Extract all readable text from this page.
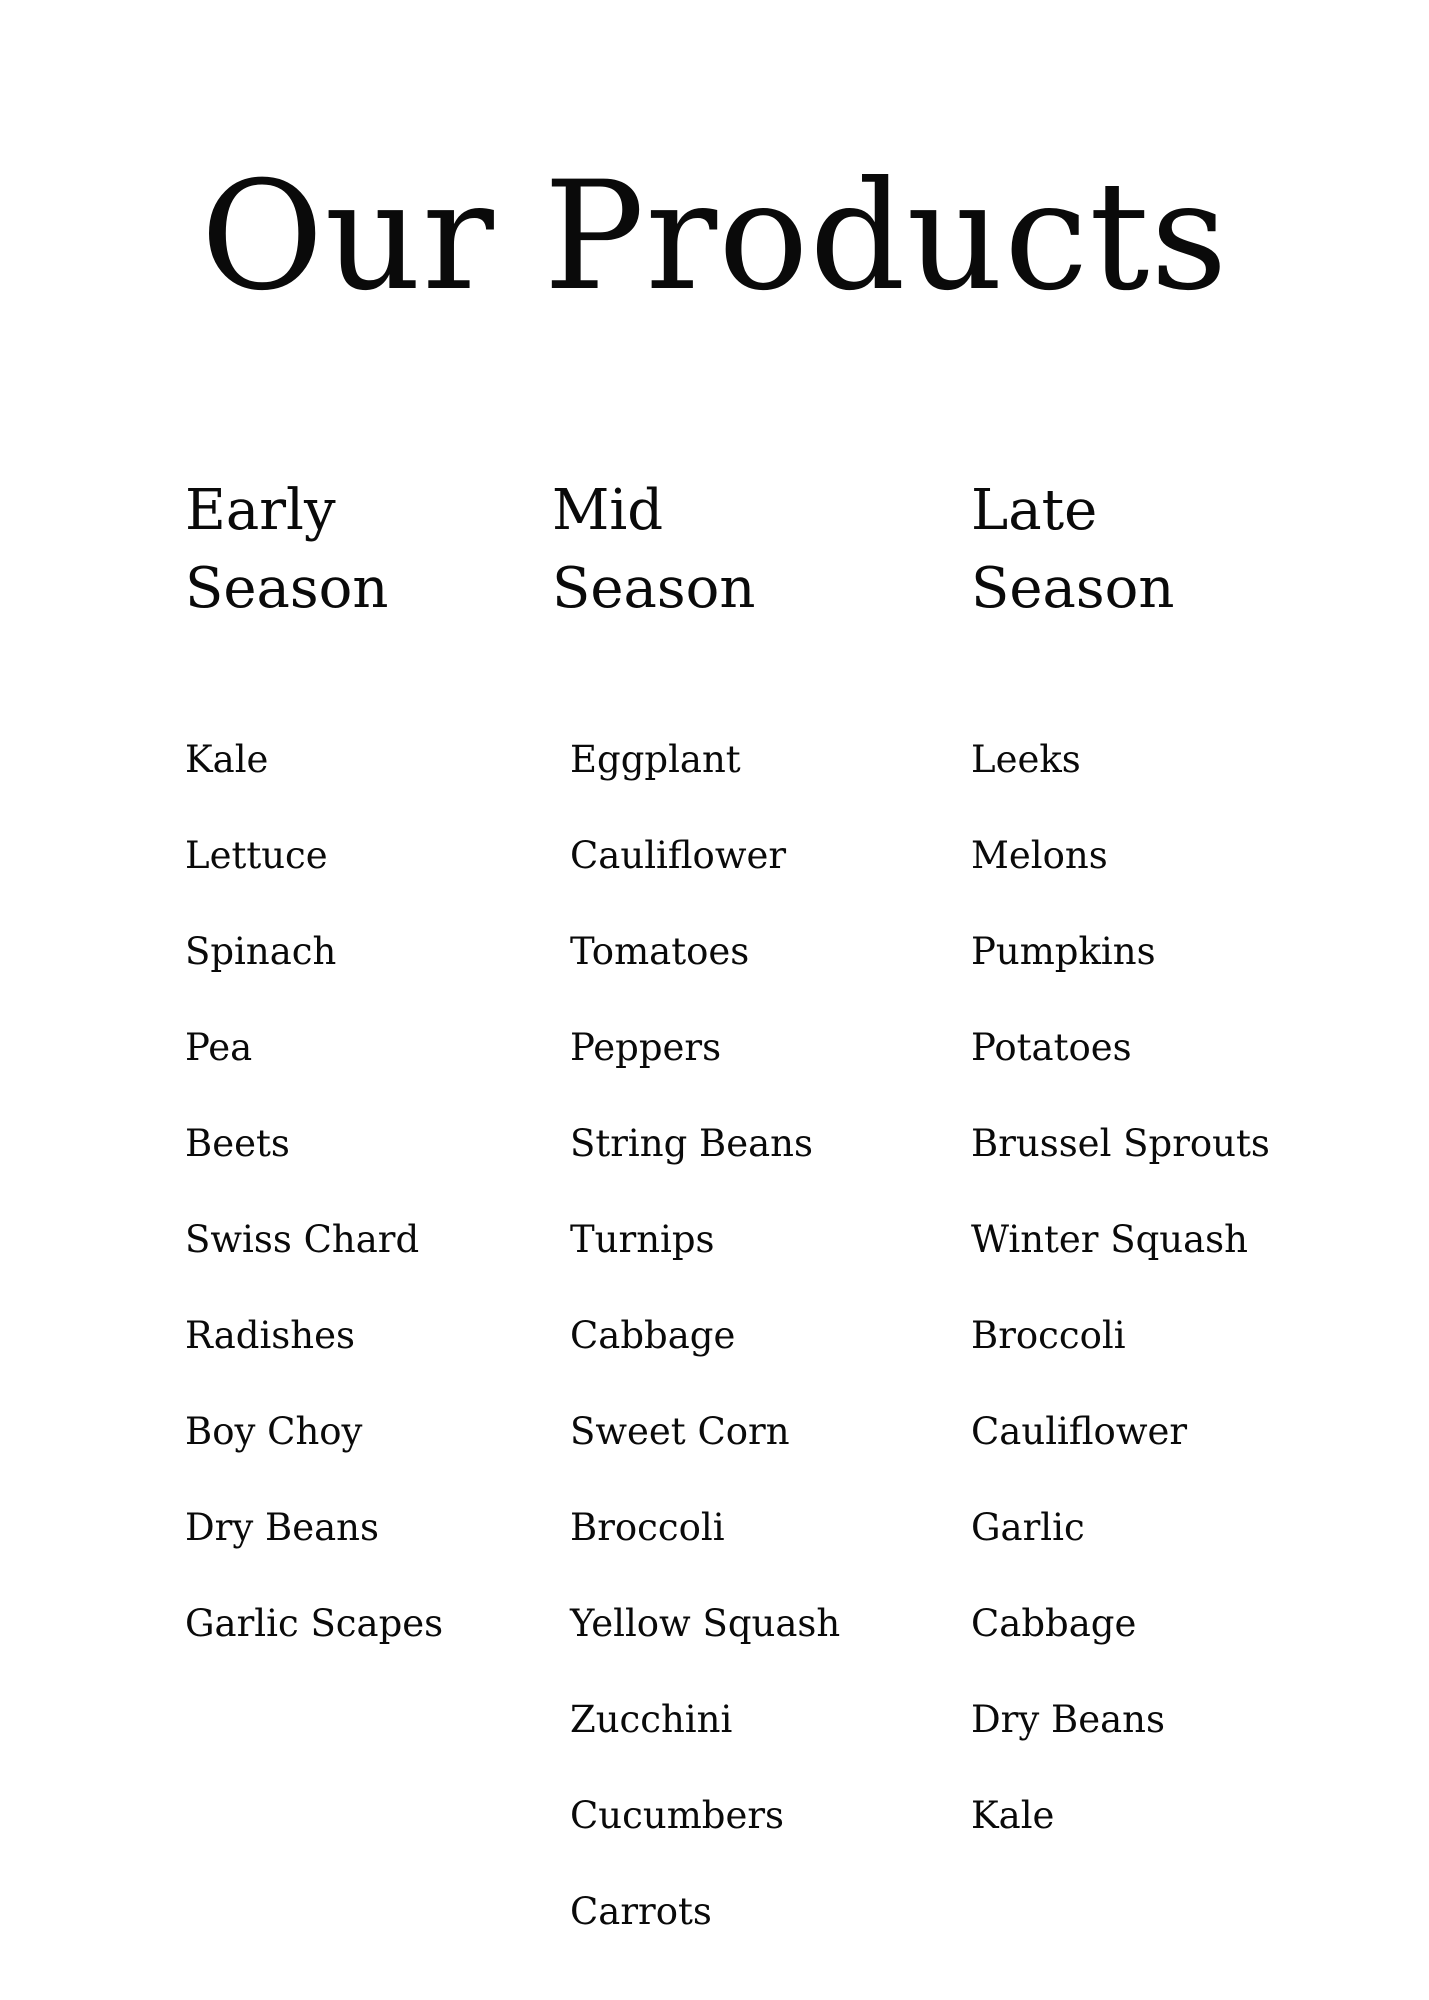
Our Products
Early
Season
Kale
Lettuce
Spinach
Pea
Beets
Swiss Chard
Radishes
Boy Choy
Dry Beans
Garlic Scapes
Mid
Season
Eggplant
Cauliflower
Tomatoes
Peppers
String Beans
Turnips
Cabbage
Sweet Corn
Broccoli
Yellow Squash
Zucchini
Cucumbers
Carrots
Late
Season
Leeks
Melons
Pumpkins
Potatoes
Brussel Sprouts
Winter Squash
Broccoli
Cauliflower
Garlic
Cabbage
Dry Beans
Kale
